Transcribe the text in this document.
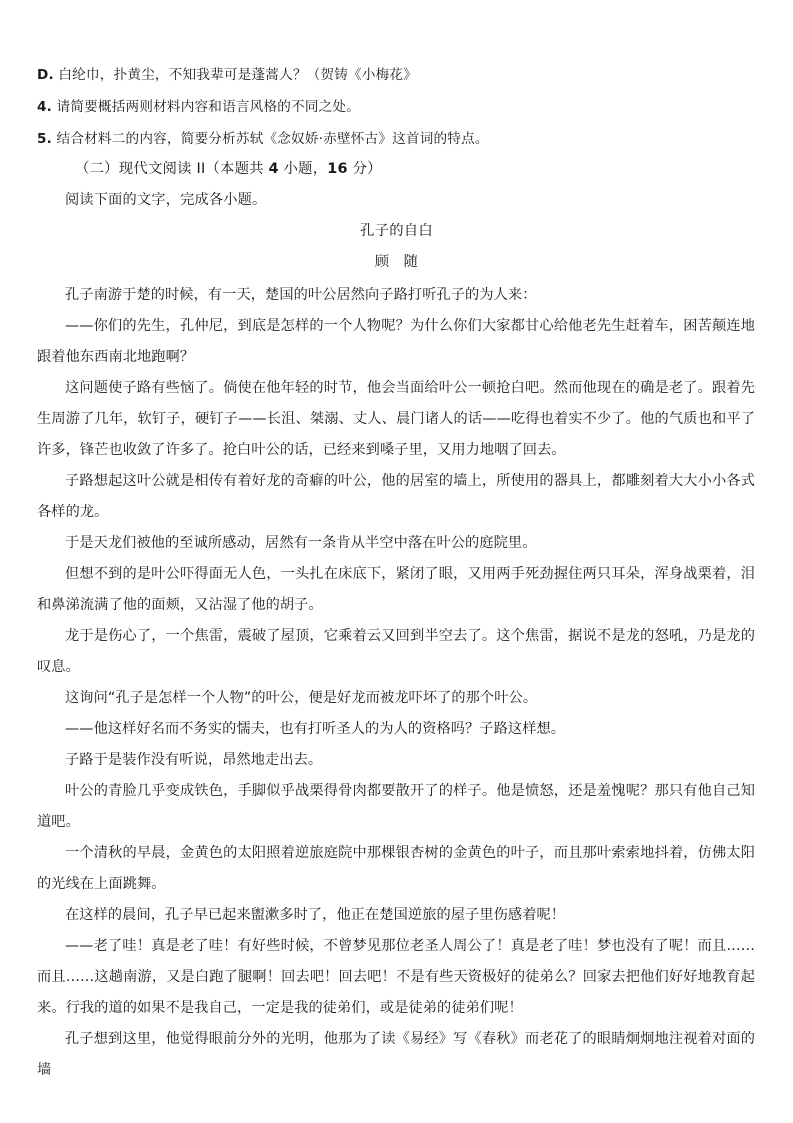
D. 白纶巾，扑黄尘，不知我辈可是蓬蒿人？（贺铸《小梅花》
4. 请简要概括两则材料内容和语言风格的不同之处。
5. 结合材料二的内容，简要分析苏轼《念奴娇·赤壁怀古》这首词的特点。
（二）现代文阅读 II（本题共 4 小题，16 分）
阅读下面的文字，完成各小题。
孔子的自白
顾　随

孔子南游于楚的时候，有一天，楚国的叶公居然向子路打听孔子的为人来：

——你们的先生，孔仲尼，到底是怎样的一个人物呢？为什么你们大家都甘心给他老先生赶着车，困苦颠连地跟着他东西南北地跑啊？

这问题使子路有些恼了。倘使在他年轻的时节，他会当面给叶公一顿抢白吧。然而他现在的确是老了。跟着先生周游了几年，软钉子，硬钉子——长沮、桀溺、丈人、晨门诸人的话——吃得也着实不少了。他的气质也和平了许多，锋芒也收敛了许多了。抢白叶公的话，已经来到嗓子里，又用力地咽了回去。

子路想起这叶公就是相传有着好龙的奇癖的叶公，他的居室的墙上，所使用的器具上，都雕刻着大大小小各式各样的龙。

于是天龙们被他的至诚所感动，居然有一条肯从半空中落在叶公的庭院里。

但想不到的是叶公吓得面无人色，一头扎在床底下，紧闭了眼，又用两手死劲握住两只耳朵，浑身战栗着，泪和鼻涕流满了他的面颊，又沾湿了他的胡子。

龙于是伤心了，一个焦雷，震破了屋顶，它乘着云又回到半空去了。这个焦雷，据说不是龙的怒吼，乃是龙的叹息。

这询问“孔子是怎样一个人物”的叶公，便是好龙而被龙吓坏了的那个叶公。

——他这样好名而不务实的懦夫，也有打听圣人的为人的资格吗？子路这样想。

子路于是装作没有听说，昂然地走出去。

叶公的青脸几乎变成铁色，手脚似乎战栗得骨肉都要散开了的样子。他是愤怒，还是羞愧呢？那只有他自己知道吧。

一个清秋的早晨，金黄色的太阳照着逆旅庭院中那棵银杏树的金黄色的叶子，而且那叶索索地抖着，仿佛太阳的光线在上面跳舞。

在这样的晨间，孔子早已起来盥漱多时了，他正在楚国逆旅的屋子里伤感着呢！

——老了哇！真是老了哇！有好些时候，不曾梦见那位老圣人周公了！真是老了哇！梦也没有了呢！而且……而且……这趟南游，又是白跑了腿啊！回去吧！回去吧！不是有些天资极好的徒弟么？回家去把他们好好地教育起来。行我的道的如果不是我自己，一定是我的徒弟们，或是徒弟的徒弟们呢！

孔子想到这里，他觉得眼前分外的光明，他那为了读《易经》写《春秋》而老花了的眼睛炯炯地注视着对面的墙
